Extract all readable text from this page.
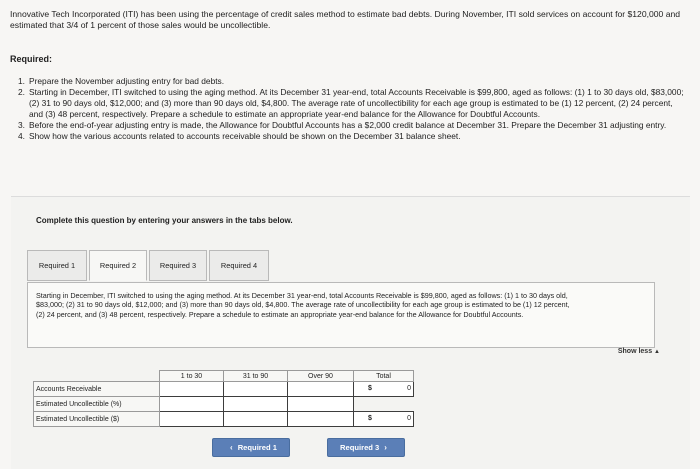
Innovative Tech Incorporated (ITI) has been using the percentage of credit sales method to estimate bad debts. During November, ITI sold services on account for $120,000 and estimated that 3/4 of 1 percent of those sales would be uncollectible.
Required:
1. Prepare the November adjusting entry for bad debts.
2. Starting in December, ITI switched to using the aging method. At its December 31 year-end, total Accounts Receivable is $99,800, aged as follows: (1) 1 to 30 days old, $83,000; (2) 31 to 90 days old, $12,000; and (3) more than 90 days old, $4,800. The average rate of uncollectibility for each age group is estimated to be (1) 12 percent, (2) 24 percent, and (3) 48 percent, respectively. Prepare a schedule to estimate an appropriate year-end balance for the Allowance for Doubtful Accounts.
3. Before the end-of-year adjusting entry is made, the Allowance for Doubtful Accounts has a $2,000 credit balance at December 31. Prepare the December 31 adjusting entry.
4. Show how the various accounts related to accounts receivable should be shown on the December 31 balance sheet.
Complete this question by entering your answers in the tabs below.
Required 1	Required 2	Required 3	Required 4
Starting in December, ITI switched to using the aging method. At its December 31 year-end, total Accounts Receivable is $99,800, aged as follows: (1) 1 to 30 days old, $83,000; (2) 31 to 90 days old, $12,000; and (3) more than 90 days old, $4,800. The average rate of uncollectibility for each age group is estimated to be (1) 12 percent, (2) 24 percent, and (3) 48 percent, respectively. Prepare a schedule to estimate an appropriate year-end balance for the Allowance for Doubtful Accounts.
Show less ▲
	1 to 30	31 to 90	Over 90	Total
Accounts Receivable				$ 0

Estimated Uncollectible (%)				
Estimated Uncollectible ($)				$ 0
‹ Required 1	Required 3 ›
